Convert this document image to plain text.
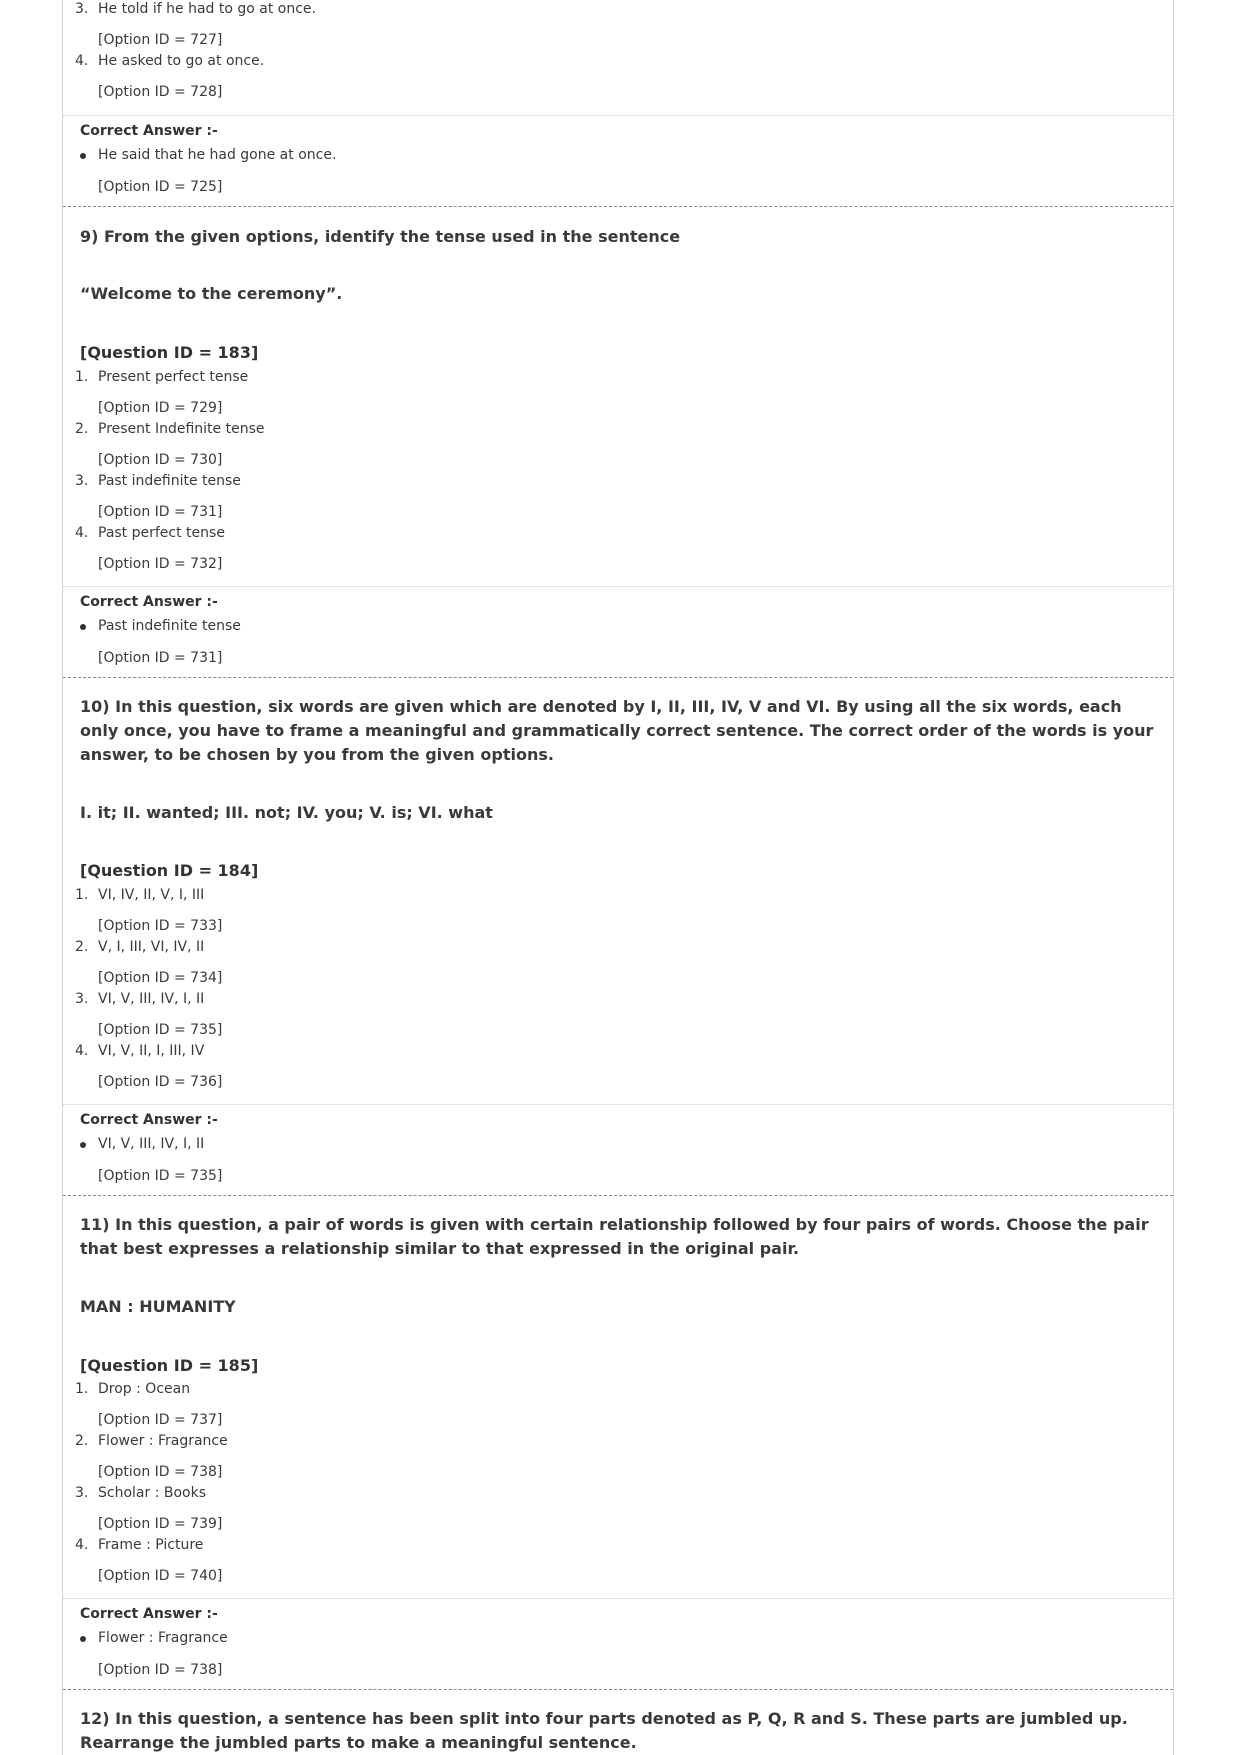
3. He told if he had to go at once.
[Option ID = 727]
4. He asked to go at once.
[Option ID = 728]
Correct Answer :-
He said that he had gone at once.
[Option ID = 725]
9) From the given options, identify the tense used in the sentence
“Welcome to the ceremony”.
[Question ID = 183]
1. Present perfect tense
[Option ID = 729]
2. Present Indefinite tense
[Option ID = 730]
3. Past indefinite tense
[Option ID = 731]
4. Past perfect tense
[Option ID = 732]
Correct Answer :-
Past indefinite tense
[Option ID = 731]
10) In this question, six words are given which are denoted by I, II, III, IV, V and VI. By using all the six words, each only once, you have to frame a meaningful and grammatically correct sentence. The correct order of the words is your answer, to be chosen by you from the given options.
I. it; II. wanted; III. not; IV. you; V. is; VI. what
[Question ID = 184]
1. VI, IV, II, V, I, III
[Option ID = 733]
2. V, I, III, VI, IV, II
[Option ID = 734]
3. VI, V, III, IV, I, II
[Option ID = 735]
4. VI, V, II, I, III, IV
[Option ID = 736]
Correct Answer :-
VI, V, III, IV, I, II
[Option ID = 735]
11) In this question, a pair of words is given with certain relationship followed by four pairs of words. Choose the pair that best expresses a relationship similar to that expressed in the original pair.
MAN : HUMANITY
[Question ID = 185]
1. Drop : Ocean
[Option ID = 737]
2. Flower : Fragrance
[Option ID = 738]
3. Scholar : Books
[Option ID = 739]
4. Frame : Picture
[Option ID = 740]
Correct Answer :-
Flower : Fragrance
[Option ID = 738]
12) In this question, a sentence has been split into four parts denoted as P, Q, R and S. These parts are jumbled up. Rearrange the jumbled parts to make a meaningful sentence.
